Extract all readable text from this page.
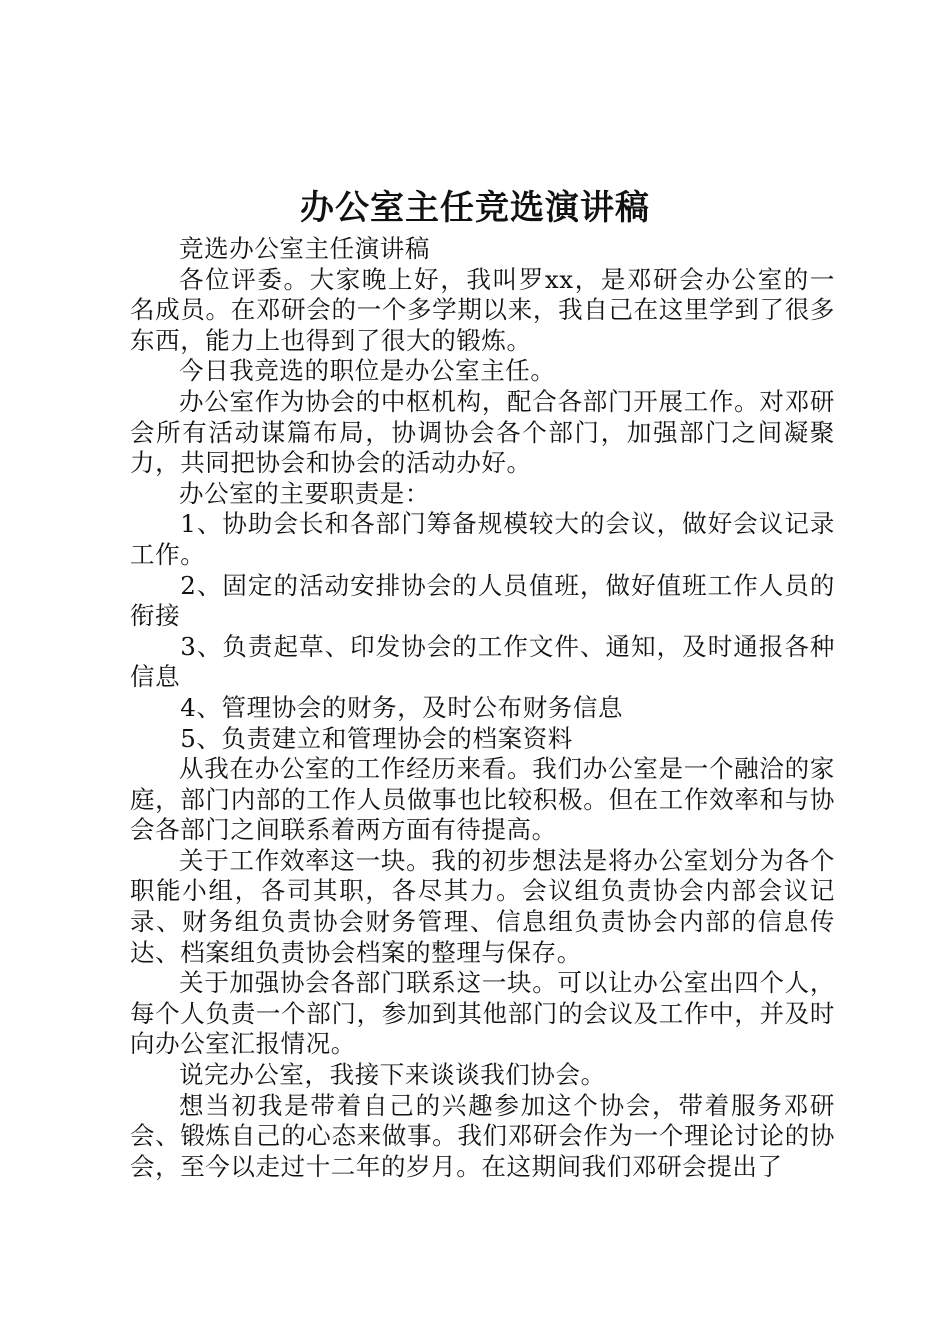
办公室主任竞选演讲稿

竞选办公室主任演讲稿

各位评委。大家晚上好，我叫罗xx，是邓研会办公室的一名成员。在邓研会的一个多学期以来，我自己在这里学到了很多东西，能力上也得到了很大的锻炼。

今日我竞选的职位是办公室主任。

办公室作为协会的中枢机构，配合各部门开展工作。对邓研会所有活动谋篇布局，协调协会各个部门，加强部门之间凝聚力，共同把协会和协会的活动办好。

办公室的主要职责是：

1、协助会长和各部门筹备规模较大的会议，做好会议记录工作。

2、固定的活动安排协会的人员值班，做好值班工作人员的衔接

3、负责起草、印发协会的工作文件、通知，及时通报各种信息

4、管理协会的财务，及时公布财务信息

5、负责建立和管理协会的档案资料

从我在办公室的工作经历来看。我们办公室是一个融洽的家庭，部门内部的工作人员做事也比较积极。但在工作效率和与协会各部门之间联系着两方面有待提高。

关于工作效率这一块。我的初步想法是将办公室划分为各个职能小组，各司其职，各尽其力。会议组负责协会内部会议记录、财务组负责协会财务管理、信息组负责协会内部的信息传达、档案组负责协会档案的整理与保存。

关于加强协会各部门联系这一块。可以让办公室出四个人，每个人负责一个部门，参加到其他部门的会议及工作中，并及时向办公室汇报情况。

说完办公室，我接下来谈谈我们协会。

想当初我是带着自己的兴趣参加这个协会，带着服务邓研会、锻炼自己的心态来做事。我们邓研会作为一个理论讨论的协会，至今以走过十二年的岁月。在这期间我们邓研会提出了
